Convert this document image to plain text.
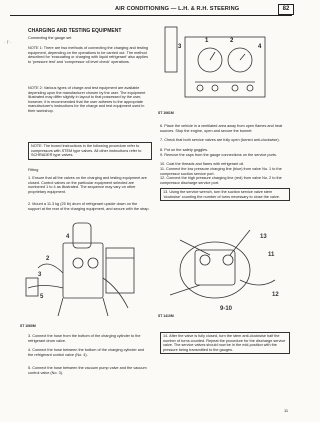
AIR CONDITIONING — L.H. & R.H. STEERING	82
· f ·
CHARGING AND TESTING EQUIPMENT
Connecting the gauge set
NOTE 1: There are two methods of connecting the charging and testing equipment, depending on the operations to be carried out. The method described for 'evacuating or charging with liquid refrigerant' also applies to 'pressure test' and 'compressor oil level check' operations.
NOTE 2: Various types of charge and test equipment are available depending upon the manufacturer chosen by the user. The equipment illustrated may differ slightly in layout to that possessed by the user, however, it is recommended that the user adheres to the appropriate manufacturer's instructions for the charge and test equipment used in their workshop.
NOTE: The boxed instructions in the following procedure refer to compressors with STEM type valves. All other instructions refer to SCHRADER type valves.
Fitting
1. Ensure that all the valves on the charging and testing equipment are closed. Control valves on the particular equipment selected are numbered 1 to 4 as illustrated. The sequence may vary on other proprietary equipment.
2. Mount a 11.3 kg (25 lb) drum of refrigerant upside down on the support at the rear of the charging equipment, and secure with the strap.
2
3
4
5
ST 1060M
3. Connect the hose from the bottom of the charging cylinder to the refrigerant drum valve.
4. Connect the hose between the bottom of the charging cylinder and the refrigerant control valve (No. 4).
5. Connect the hose between the vacuum pump valve and the vacuum control valve (No. 3).
3
1	2
4
ST 1061M
6. Place the vehicle in a ventilated area away from open flames and heat sources. Stop the engine, open and secure the bonnet.
7. Check that both service valves are fully open (turned anti-clockwise).
8. Put on the safety goggles.
9. Remove the caps from the gauge connections on the service ports.
10. Coat the threads and flares with refrigerant oil.
11. Connect the low pressure charging line (blue) from valve No. 1 to the compressor suction service port.
12. Connect the high pressure charging line (red) from valve No. 2 to the compressor discharge service port.
13. Using the service wrench, turn the suction service valve stem 'clockwise' counting the number of turns necessary to close the valve.
13
11
12
9-10
ST 1410M
14. After the valve is fully closed, turn the stem anti-clockwise half the number of turns counted. Repeat the procedure for the discharge service valve. The service valves should now be in the mid-position with the pressure being transmitted to the gauges.
11
